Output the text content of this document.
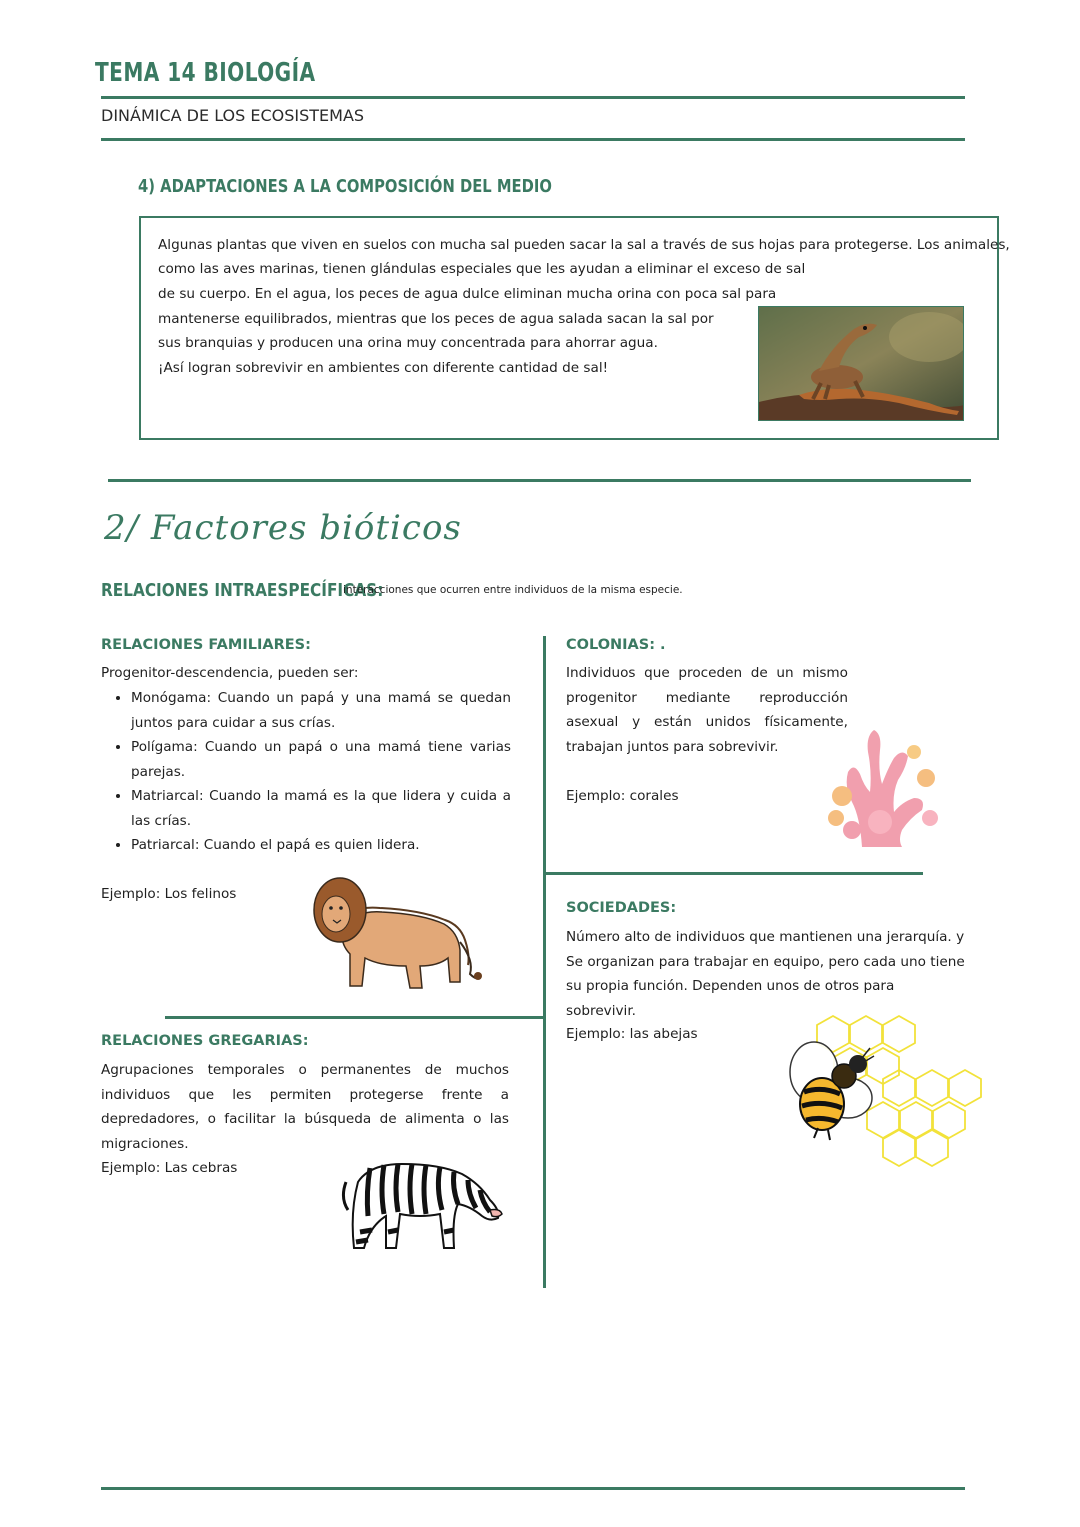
TEMA 14 BIOLOGÍA
DINÁMICA DE LOS ECOSISTEMAS
4) ADAPTACIONES A LA COMPOSICIÓN DEL MEDIO
Algunas plantas que viven en suelos con mucha sal pueden sacar la sal a través de sus hojas para protegerse. Los animales,
como las aves marinas, tienen glándulas especiales que les ayudan a eliminar el exceso de sal
de su cuerpo. En el agua, los peces de agua dulce eliminan mucha orina con poca sal para
mantenerse equilibrados, mientras que los peces de agua salada sacan la sal por
sus branquias y producen una orina muy concentrada para ahorrar agua.
¡Así logran sobrevivir en ambientes con diferente cantidad de sal!
2/ Factores bióticos
RELACIONES INTRAESPECÍFICAS:
interacciones que ocurren entre individuos de la misma especie.
RELACIONES FAMILIARES:
Progenitor-descendencia, pueden ser:
• Monógama: Cuando un papá y una mamá se quedan juntos para cuidar a sus crías.
• Polígama: Cuando un papá o una mamá tiene varias parejas.
• Matriarcal: Cuando la mamá es la que lidera y cuida a las crías.
• Patriarcal: Cuando el papá es quien lidera.
Ejemplo: Los felinos
COLONIAS: .
Individuos que proceden de un mismo progenitor mediante reproducción asexual y están unidos físicamente, trabajan juntos para sobrevivir.
Ejemplo: corales
SOCIEDADES:
Número alto de individuos que mantienen una jerarquía. y Se organizan para trabajar en equipo, pero cada uno tiene su propia función. Dependen unos de otros para sobrevivir.
Ejemplo: las abejas
RELACIONES GREGARIAS:
Agrupaciones temporales o permanentes de muchos individuos que les permiten protegerse frente a depredadores, o facilitar la búsqueda de alimenta o las migraciones.
Ejemplo: Las cebras
